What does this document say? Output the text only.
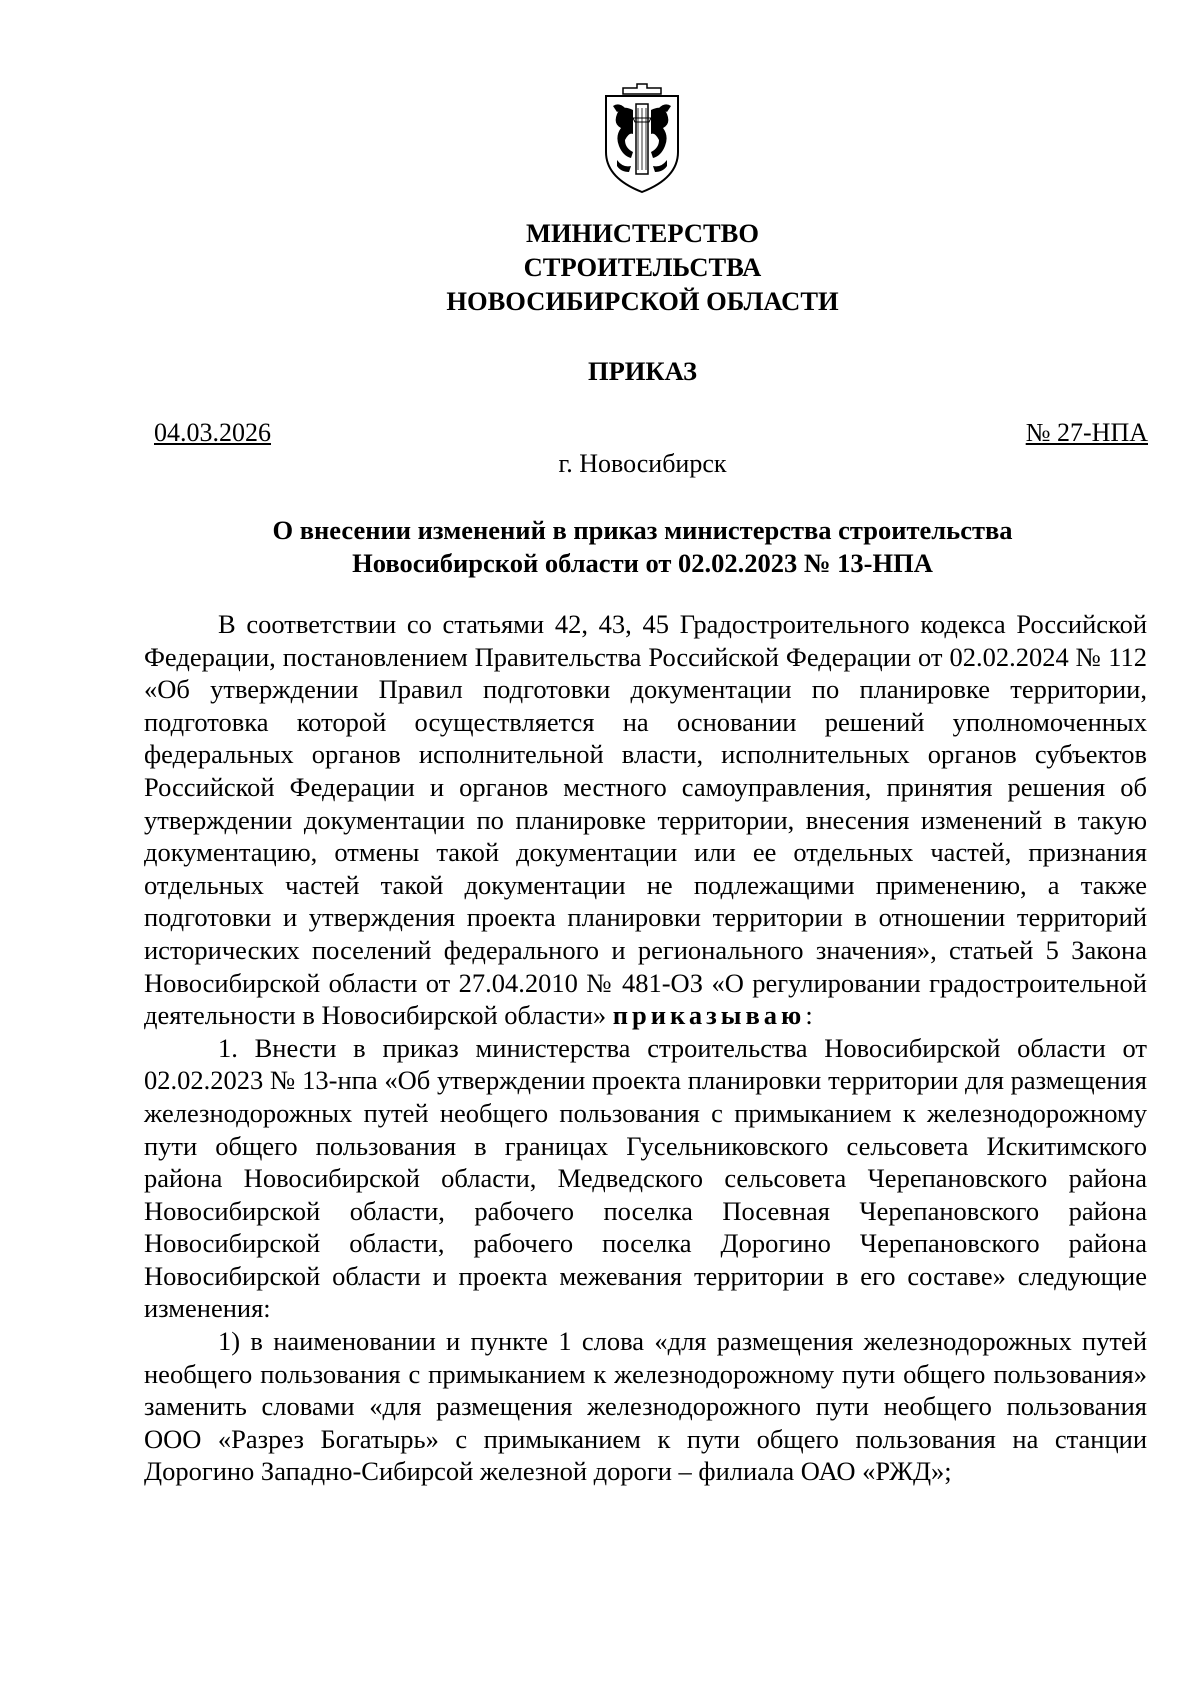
МИНИСТЕРСТВО
СТРОИТЕЛЬСТВА
НОВОСИБИРСКОЙ ОБЛАСТИ
ПРИКАЗ
04.03.2026	№ 27-НПА
г. Новосибирск
О внесении изменений в приказ министерства строительства
Новосибирской области от 02.02.2023 № 13-НПА

В соответствии со статьями 42, 43, 45 Градостроительного кодекса Российской Федерации, постановлением Правительства Российской Федерации от 02.02.2024 № 112 «Об утверждении Правил подготовки документации по планировке территории, подготовка которой осуществляется на основании решений уполномоченных федеральных органов исполнительной власти, исполнительных органов субъектов Российской Федерации и органов местного самоуправления, принятия решения об утверждении документации по планировке территории, внесения изменений в такую документацию, отмены такой документации или ее отдельных частей, признания отдельных частей такой документации не подлежащими применению, а также подготовки и утверждения проекта планировки территории в отношении территорий исторических поселений федерального и регионального значения», статьей 5 Закона Новосибирской области от 27.04.2010 № 481-ОЗ «О регулировании градостроительной деятельности в Новосибирской области» приказываю:

1. Внести в приказ министерства строительства Новосибирской области от 02.02.2023 № 13-нпа «Об утверждении проекта планировки территории для размещения железнодорожных путей необщего пользования с примыканием к железнодорожному пути общего пользования в границах Гусельниковского сельсовета Искитимского района Новосибирской области, Медведского сельсовета Черепановского района Новосибирской области, рабочего поселка Посевная Черепановского района Новосибирской области, рабочего поселка Дорогино Черепановского района Новосибирской области и проекта межевания территории в его составе» следующие изменения:

1) в наименовании и пункте 1 слова «для размещения железнодорожных путей необщего пользования с примыканием к железнодорожному пути общего пользования» заменить словами «для размещения железнодорожного пути необщего пользования ООО «Разрез Богатырь» с примыканием к пути общего пользования на станции Дорогино Западно-Сибирсой железной дороги – филиала ОАО «РЖД»;
